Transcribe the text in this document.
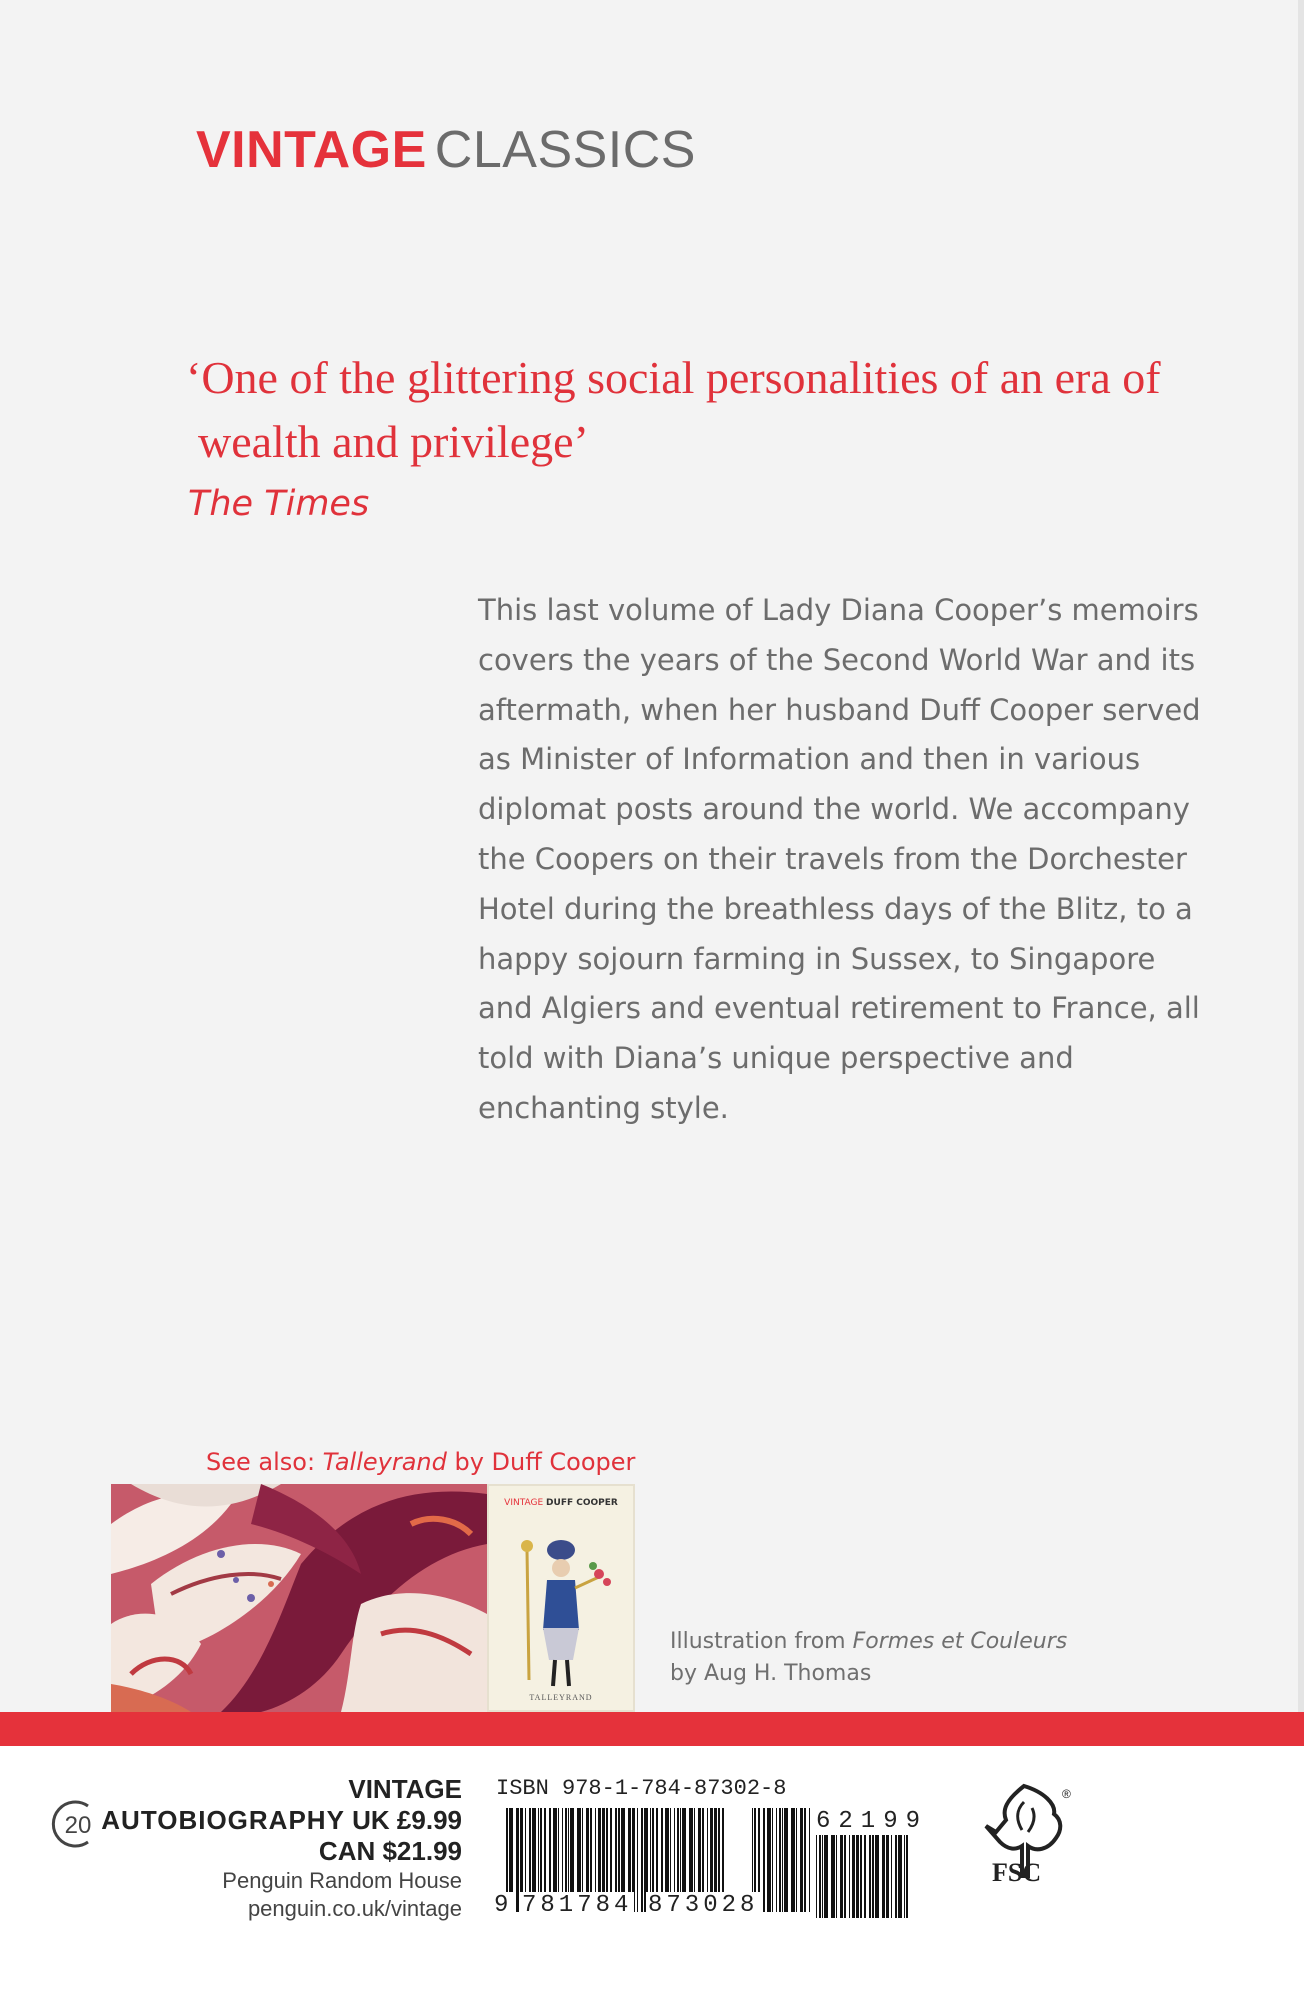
VINTAGE CLASSICS
‘One of the glittering social personalities of an era of
wealth and privilege’
The Times
This last volume of Lady Diana Cooper’s memoirs
covers the years of the Second World War and its
aftermath, when her husband Duff Cooper served
as Minister of Information and then in various
diplomat posts around the world. We accompany
the Coopers on their travels from the Dorchester
Hotel during the breathless days of the Blitz, to a
happy sojourn farming in Sussex, to Singapore
and Algiers and eventual retirement to France, all
told with Diana’s unique perspective and
enchanting style.
See also: Talleyrand by Duff Cooper
VINTAGE DUFF COOPER
TALLEYRAND
Illustration from Formes et Couleurs
by Aug H. Thomas
20
VINTAGE
AUTOBIOGRAPHY UK £9.99
CAN $21.99
Penguin Random House
penguin.co.uk/vintage
ISBN 978-1-784-87302-8
9 781784 873028
62199
®
FSC
